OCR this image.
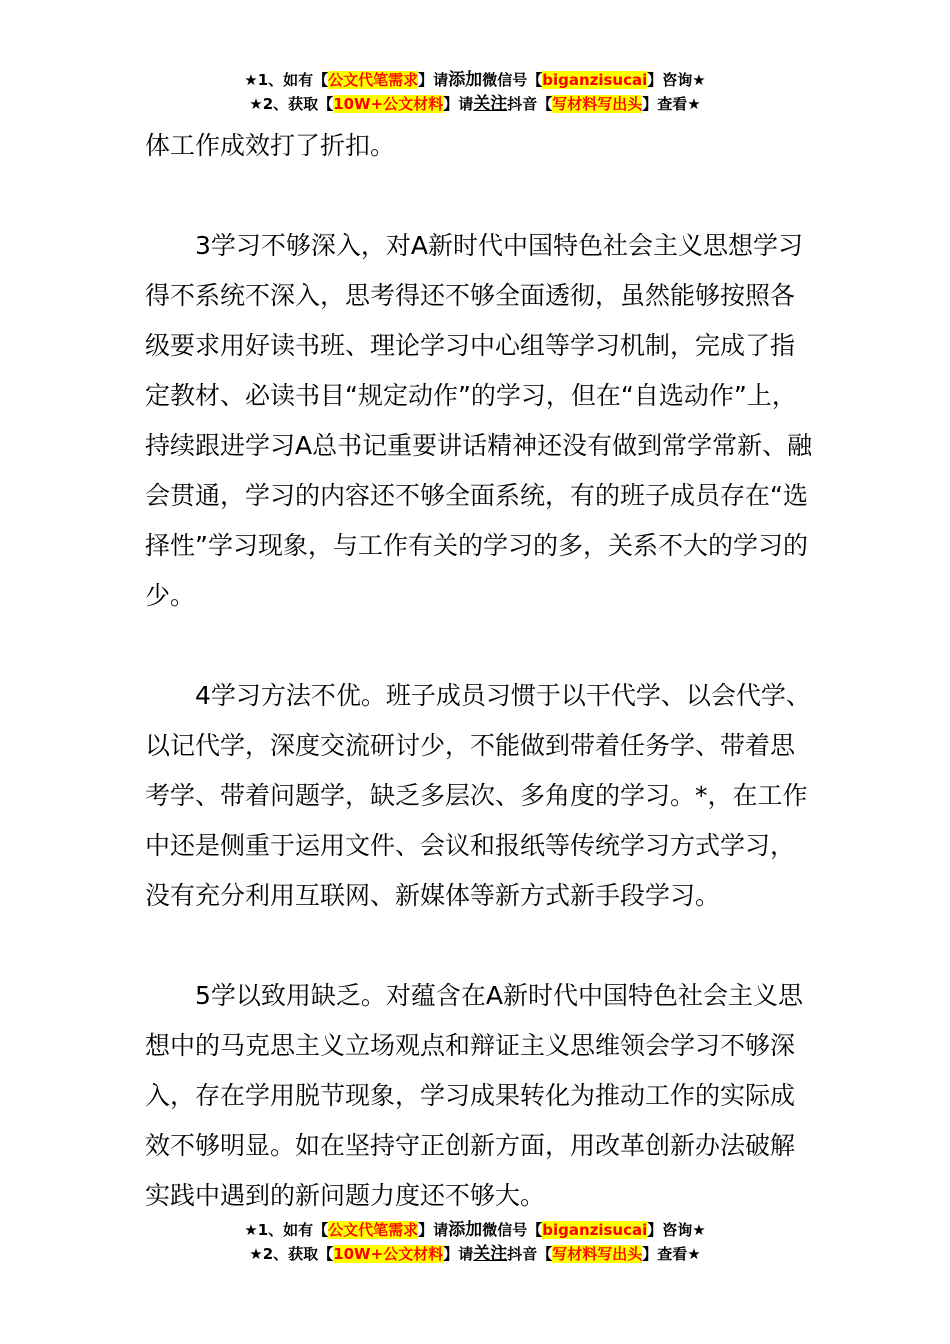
★1、如有【公文代笔需求】请添加微信号【biganzisucai】咨询★
★2、获取【10W+公文材料】请关注抖音【写材料写出头】查看★

体工作成效打了折扣。

3学习不够深入，对A新时代中国特色社会主义思想学习得不系统不深入，思考得还不够全面透彻，虽然能够按照各级要求用好读书班、理论学习中心组等学习机制，完成了指定教材、必读书目“规定动作”的学习，但在“自选动作”上，持续跟进学习A总书记重要讲话精神还没有做到常学常新、融会贯通，学习的内容还不够全面系统，有的班子成员存在“选择性”学习现象，与工作有关的学习的多，关系不大的学习的少。

4学习方法不优。班子成员习惯于以干代学、以会代学、以记代学，深度交流研讨少，不能做到带着任务学、带着思考学、带着问题学，缺乏多层次、多角度的学习。*，在工作中还是侧重于运用文件、会议和报纸等传统学习方式学习，没有充分利用互联网、新媒体等新方式新手段学习。

5学以致用缺乏。对蕴含在A新时代中国特色社会主义思想中的马克思主义立场观点和辩证主义思维领会学习不够深入，存在学用脱节现象，学习成果转化为推动工作的实际成效不够明显。如在坚持守正创新方面，用改革创新办法破解实践中遇到的新问题力度还不够大。

★1、如有【公文代笔需求】请添加微信号【biganzisucai】咨询★
★2、获取【10W+公文材料】请关注抖音【写材料写出头】查看★
